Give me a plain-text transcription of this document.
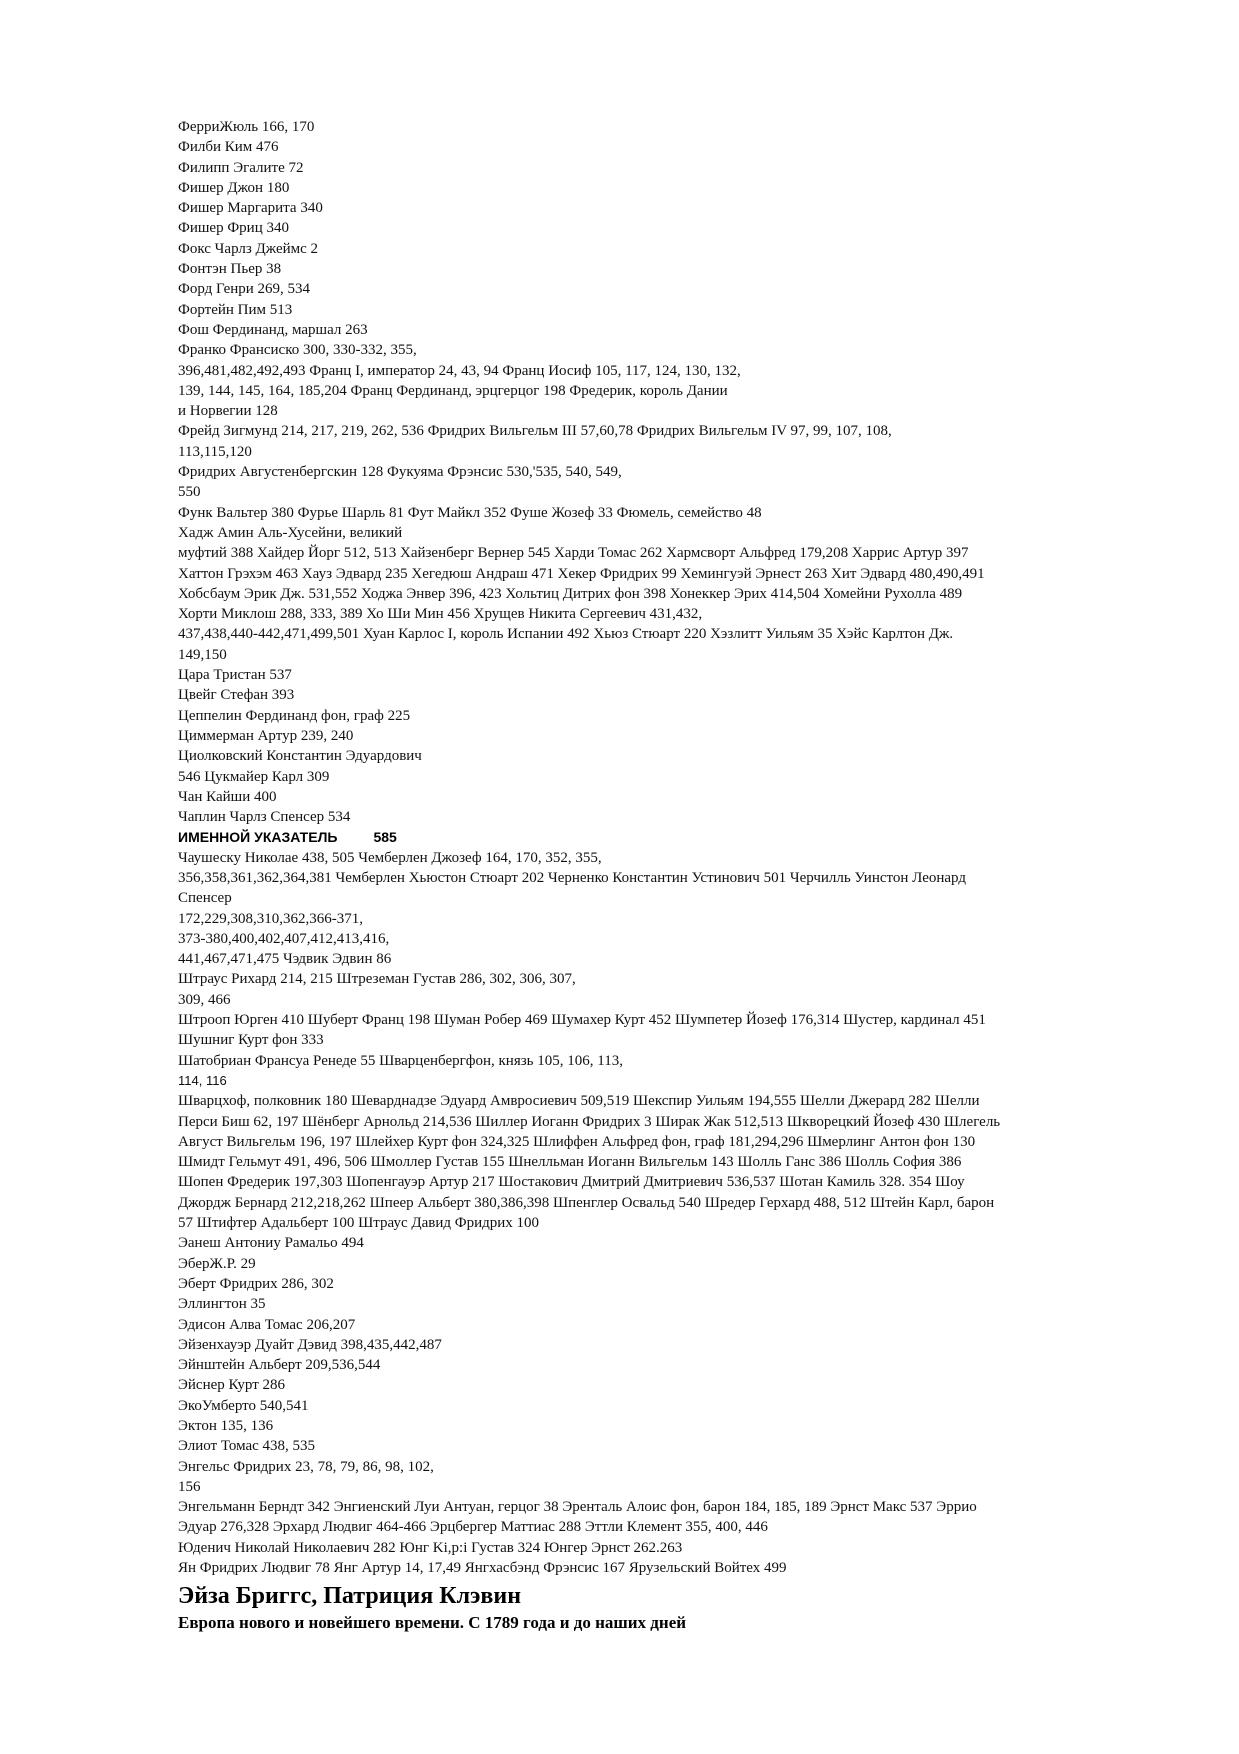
ФерриЖюль 166, 170
Филби Ким 476
Филипп Эгалите 72
Фишер Джон 180
Фишер Маргарита 340
Фишер Фриц 340
Фокс Чарлз Джеймс 2
Фонтэн Пьер 38
Форд Генри 269, 534
Фортейн Пим 513
Фош Фердинанд, маршал 263
Франко Франсиско 300, 330-332, 355,
396,481,482,492,493 Франц I, император 24, 43, 94 Франц Иосиф 105, 117, 124, 130, 132,
139, 144, 145, 164, 185,204 Франц Фердинанд, эрцгерцог 198 Фредерик, король Дании
и Норвегии 128
Фрейд Зигмунд 214, 217, 219, 262, 536 Фридрих Вильгельм III 57,60,78 Фридрих Вильгельм IV 97, 99, 107, 108,
113,115,120
Фридрих Августенбергскин 128 Фукуяма Фрэнсис 530,'535, 540, 549,
550
Функ Вальтер 380 Фурье Шарль 81 Фут Майкл 352 Фуше Жозеф 33 Фюмель, семейство 48
Хадж Амин Аль-Хусейни, великий
муфтий 388 Хайдер Йорг 512, 513 Хайзенберг Вернер 545 Харди Томас 262 Хармсворт Альфред 179,208 Харрис Артур 397
Хаттон Грэхэм 463 Хауз Эдвард 235 Хегедюш Андраш 471 Хекер Фридрих 99 Хемингуэй Эрнест 263 Хит Эдвард 480,490,491
Хобсбаум Эрик Дж. 531,552 Ходжа Энвер 396, 423 Хольтиц Дитрих фон 398 Хонеккер Эрих 414,504 Хомейни Рухолла 489
Хорти Миклош 288, 333, 389 Хо Ши Мин 456 Хрущев Никита Сергеевич 431,432,
437,438,440-442,471,499,501 Хуан Карлос I, король Испании 492 Хьюз Стюарт 220 Хэзлитт Уильям 35 Хэйс Карлтон Дж.
149,150
Цара Тристан 537
Цвейг Стефан 393
Цеппелин Фердинанд фон, граф 225
Циммерман Артур 239, 240
Циолковский Константин Эдуардович
546 Цукмайер Карл 309
Чан Кайши 400
Чаплин Чарлз Спенсер 534
ИМЕННОЙ УКАЗАТЕЛЬ	585
Чаушеску Николае 438, 505 Чемберлен Джозеф 164, 170, 352, 355,
356,358,361,362,364,381 Чемберлен Хьюстон Стюарт 202 Черненко Константин Устинович 501 Черчилль Уинстон Леонард
Спенсер
172,229,308,310,362,366-371,
373-380,400,402,407,412,413,416,
441,467,471,475 Чэдвик Эдвин 86
Штраус Рихард 214, 215 Штреземан Густав 286, 302, 306, 307,
309, 466
Штрооп Юрген 410 Шуберт Франц 198 Шуман Робер 469 Шумахер Курт 452 Шумпетер Йозеф 176,314 Шустер, кардинал 451
Шушниг Курт фон 333
Шатобриан Франсуа Ренеде 55 Шварценбергфон, князь 105, 106, 113,
114, 116
Шварцхоф, полковник 180 Шеварднадзе Эдуард Амвросиевич 509,519 Шекспир Уильям 194,555 Шелли Джерард 282 Шелли
Перси Биш 62, 197 Шёнберг Арнольд 214,536 Шиллер Иоганн Фридрих 3 Ширак Жак 512,513 Шкворецкий Йозеф 430 Шлегель
Август Вильгельм 196, 197 Шлейхер Курт фон 324,325 Шлиффен Альфред фон, граф 181,294,296 Шмерлинг Антон фон 130
Шмидт Гельмут 491, 496, 506 Шмоллер Густав 155 Шнелльман Иоганн Вильгельм 143 Шолль Ганс 386 Шолль София 386
Шопен Фредерик 197,303 Шопенгауэр Артур 217 Шостакович Дмитрий Дмитриевич 536,537 Шотан Камиль 328. 354 Шоу
Джордж Бернард 212,218,262 Шпеер Альберт 380,386,398 Шпенглер Освальд 540 Шредер Герхард 488, 512 Штейн Карл, барон
57 Штифтер Адальберт 100 Штраус Давид Фридрих 100
Эанеш Антониу Рамальо 494
ЭберЖ.Р. 29
Эберт Фридрих 286, 302
Эллингтон 35
Эдисон Алва Томас 206,207
Эйзенхауэр Дуайт Дэвид 398,435,442,487
Эйнштейн Альберт 209,536,544
Эйснер Курт 286
ЭкоУмберто 540,541
Эктон 135, 136
Элиот Томас 438, 535
Энгельс Фридрих 23, 78, 79, 86, 98, 102,
156
Энгельманн Берндт 342 Энгиенский Луи Антуан, герцог 38 Эренталь Алоис фон, барон 184, 185, 189 Эрнст Макс 537 Эррио
Эдуар 276,328 Эрхард Людвиг 464-466 Эрцбергер Маттиас 288 Эттли Клемент 355, 400, 446
Юденич Николай Николаевич 282 Юнг Ki,p:i Густав 324 Юнгер Эрнст 262.263
Ян Фридрих Людвиг 78 Янг Артур 14, 17,49 Янгхасбэнд Фрэнсис 167 Ярузельский Войтех 499
Эйза Бриггс, Патриция Клэвин
Европа нового и новейшего времени. С 1789 года и до наших дней
